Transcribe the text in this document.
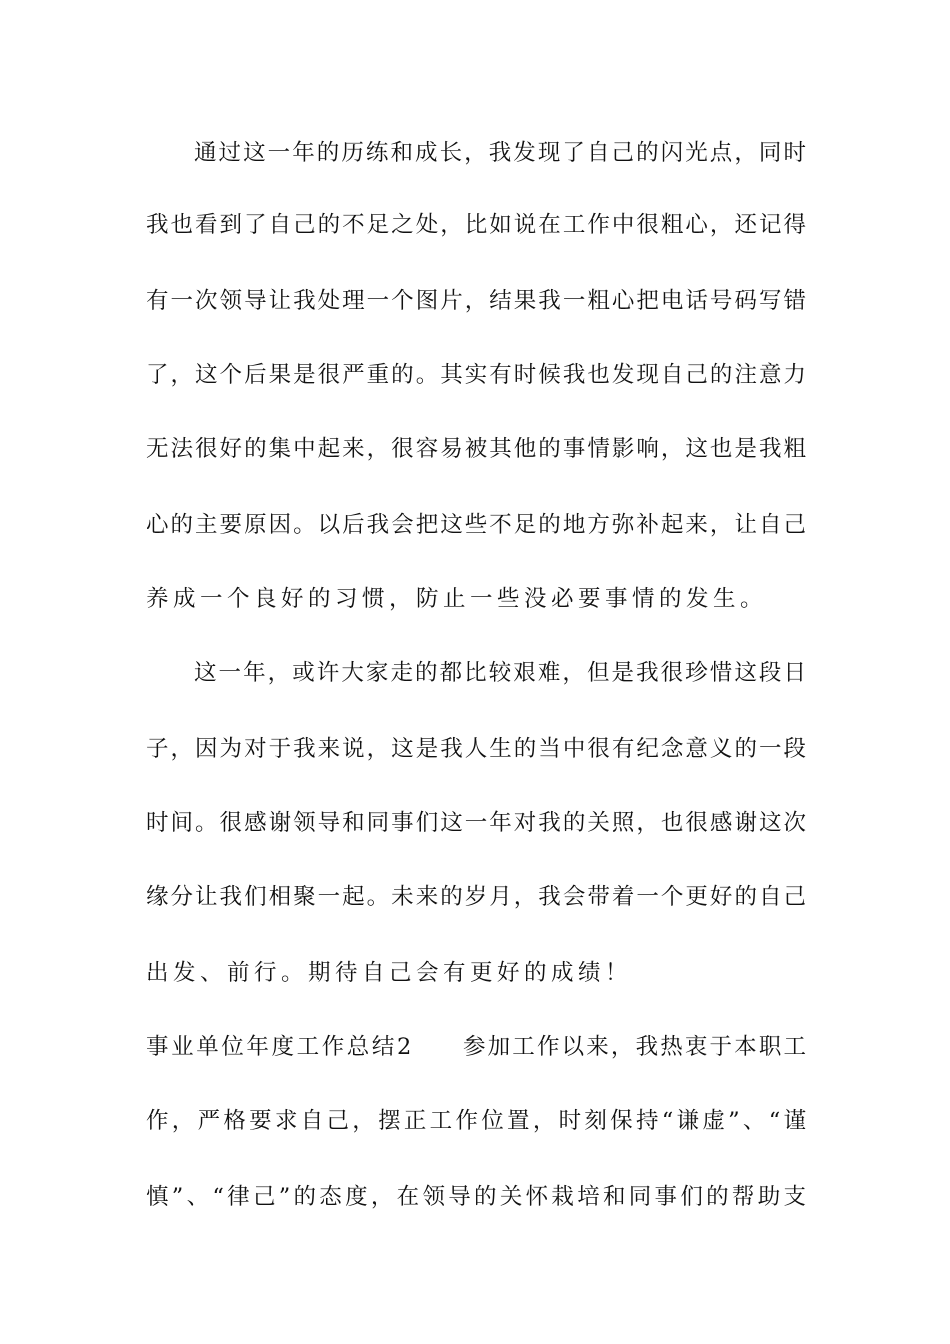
通过这一年的历练和成长，我发现了自己的闪光点，同时
我也看到了自己的不足之处，比如说在工作中很粗心，还记得
有一次领导让我处理一个图片，结果我一粗心把电话号码写错
了，这个后果是很严重的。其实有时候我也发现自己的注意力
无法很好的集中起来，很容易被其他的事情影响，这也是我粗
心的主要原因。以后我会把这些不足的地方弥补起来，让自己
养成一个良好的习惯，防止一些没必要事情的发生。
这一年，或许大家走的都比较艰难，但是我很珍惜这段日
子，因为对于我来说，这是我人生的当中很有纪念意义的一段
时间。很感谢领导和同事们这一年对我的关照，也很感谢这次
缘分让我们相聚一起。未来的岁月，我会带着一个更好的自己
出发、前行。期待自己会有更好的成绩！
事业单位年度工作总结2 参加工作以来，我热衷于本职工
作，严格要求自己，摆正工作位置，时刻保持“谦虚”、“谨
慎”、“律己”的态度，在领导的关怀栽培和同事们的帮助支
